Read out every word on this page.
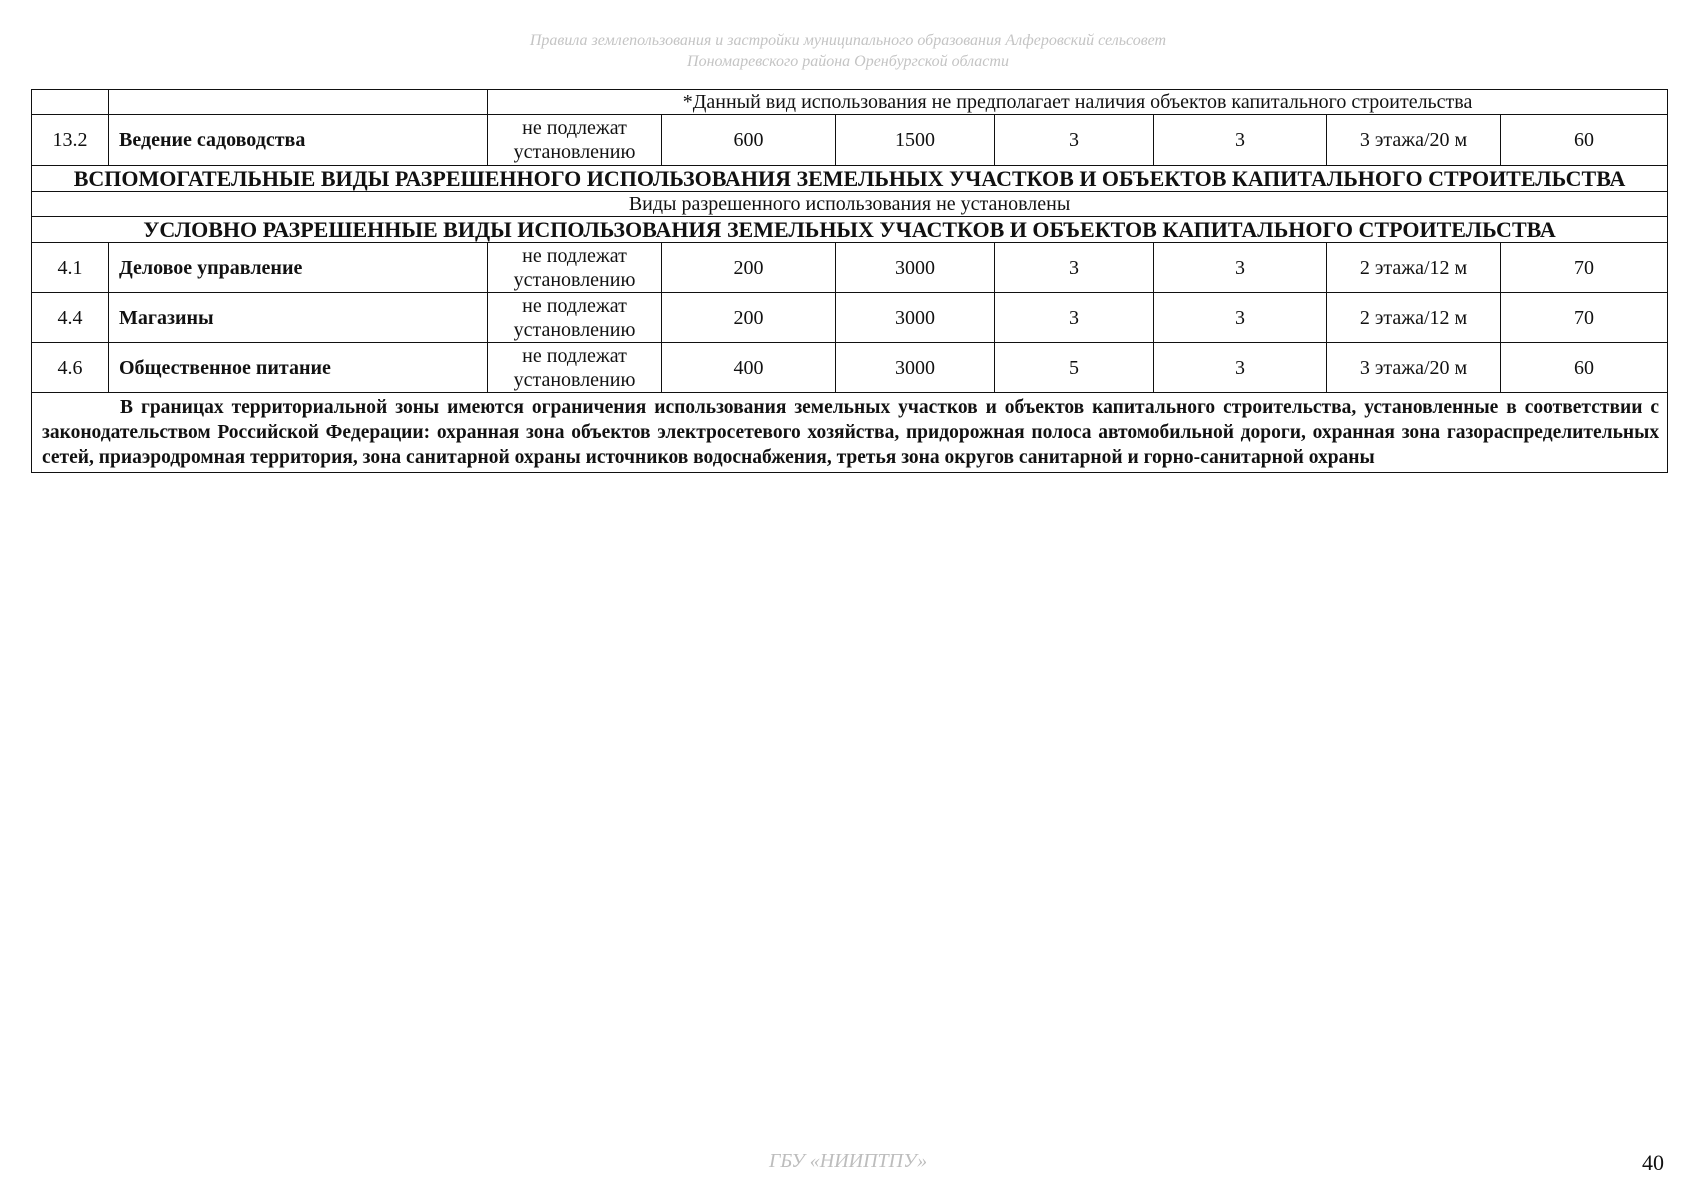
Правила землепользования и застройки муниципального образования Алферовский сельсовет
Пономаревского района Оренбургской области
		*Данный вид использования не предполагает наличия объектов капитального строительства						
13.2	Ведение садоводства	не подлежат установлению	600	1500	3	3	3 этажа/20 м	60
ВСПОМОГАТЕЛЬНЫЕ ВИДЫ РАЗРЕШЕННОГО ИСПОЛЬЗОВАНИЯ ЗЕМЕЛЬНЫХ УЧАСТКОВ И ОБЪЕКТОВ КАПИТАЛЬНОГО СТРОИТЕЛЬСТВА								
Виды разрешенного использования не установлены								
УСЛОВНО РАЗРЕШЕННЫЕ ВИДЫ ИСПОЛЬЗОВАНИЯ ЗЕМЕЛЬНЫХ УЧАСТКОВ И ОБЪЕКТОВ КАПИТАЛЬНОГО СТРОИТЕЛЬСТВА								
4.1	Деловое управление	не подлежат установлению	200	3000	3	3	2 этажа/12 м	70
4.4	Магазины	не подлежат установлению	200	3000	3	3	2 этажа/12 м	70
4.6	Общественное питание	не подлежат установлению	400	3000	5	3	3 этажа/20 м	60

В границах территориальной зоны имеются ограничения использования земельных участков и объектов капитального строительства, установленные в соответствии с законодательством Российской Федерации: охранная зона объектов электросетевого хозяйства, придорожная полоса автомобильной дороги, охранная зона газораспределительных сетей, приаэродромная территория, зона санитарной охраны источников водоснабжения, третья зона округов санитарной и горно-санитарной охраны								
ГБУ «НИИПТПУ»	40
